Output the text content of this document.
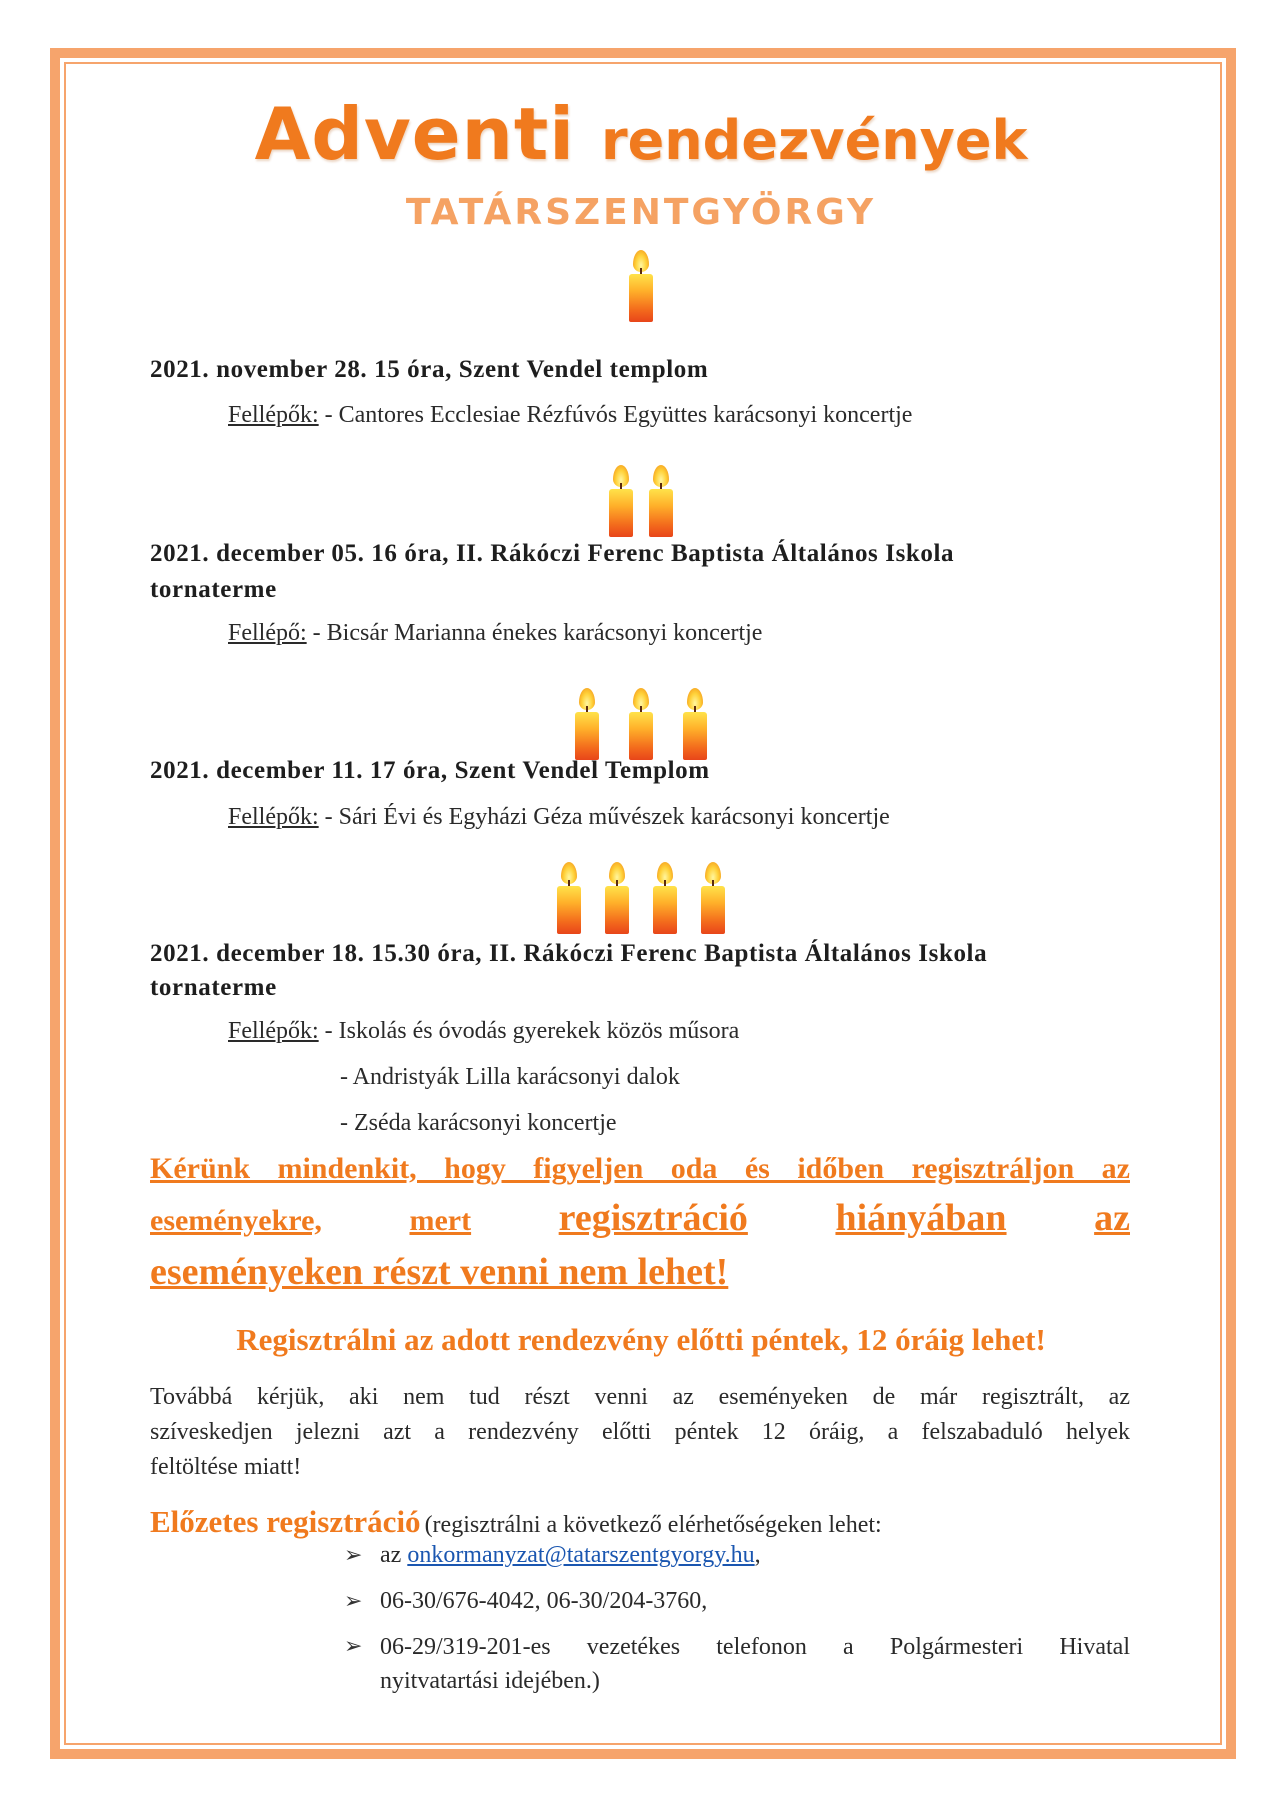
Adventi rendezvények
TATÁRSZENTGYÖRGY
2021. november 28. 15 óra, Szent Vendel templom
Fellépők: - Cantores Ecclesiae Rézfúvós Együttes karácsonyi koncertje
2021. december 05. 16 óra, II. Rákóczi Ferenc Baptista Általános Iskola
tornaterme
Fellépő: - Bicsár Marianna énekes karácsonyi koncertje
2021. december 11. 17 óra, Szent Vendel Templom
Fellépők: - Sári Évi és Egyházi Géza művészek karácsonyi koncertje
2021. december 18. 15.30 óra, II. Rákóczi Ferenc Baptista Általános Iskola
tornaterme
Fellépők: - Iskolás és óvodás gyerekek közös műsora
- Andristyák Lilla karácsonyi dalok
- Zséda karácsonyi koncertje
Kérünk mindenkit, hogy figyeljen oda és időben regisztráljon az
eseményekre,	mert regisztráció hiányában az
eseményeken részt venni nem lehet!
Regisztrálni az adott rendezvény előtti péntek, 12 óráig lehet!
Továbbá kérjük, aki nem tud részt venni az eseményeken de már regisztrált, az
szíveskedjen jelezni azt a rendezvény előtti péntek 12 óráig, a felszabaduló helyek
feltöltése miatt!
Előzetes regisztráció (regisztrálni a következő elérhetőségeken lehet:
➢ az onkormanyzat@tatarszentgyorgy.hu,
➢ 06-30/676-4042, 06-30/204-3760,
➢ 06-29/319-201-es vezetékes telefonon a Polgármesteri Hivatal
nyitvatartási idejében.)
